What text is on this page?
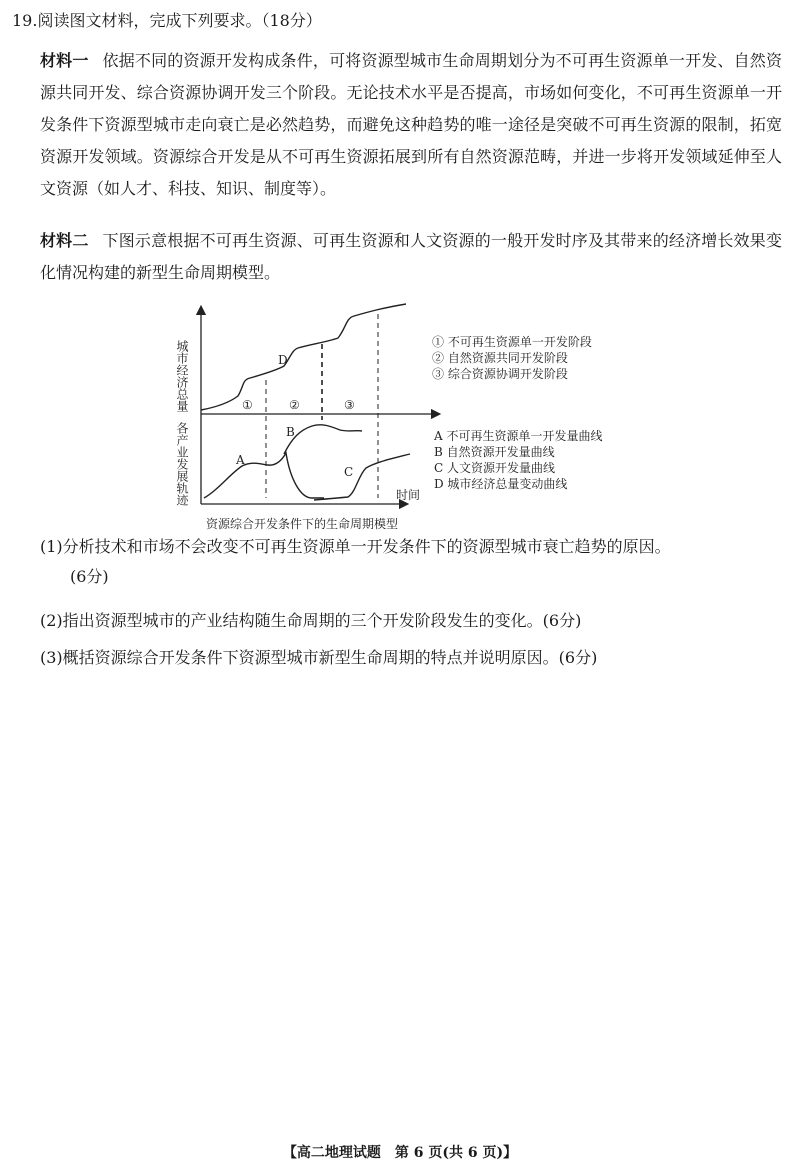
19.阅读图文材料，完成下列要求。（18分）
材料一 依据不同的资源开发构成条件，可将资源型城市生命周期划分为不可再生资源单一开发、自然资源共同开发、综合资源协调开发三个阶段。无论技术水平是否提高，市场如何变化，不可再生资源单一开发条件下资源型城市走向衰亡是必然趋势，而避免这种趋势的唯一途径是突破不可再生资源的限制，拓宽资源开发领域。资源综合开发是从不可再生资源拓展到所有自然资源范畴，并进一步将开发领域延伸至人文资源（如人才、科技、知识、制度等）。
材料二 下图示意根据不可再生资源、可再生资源和人文资源的一般开发时序及其带来的经济增长效果变化情况构建的新型生命周期模型。
城市经济总量
各产业发展轨迹	时间
①	②	③
D
A
B
C
① 不可再生资源单一开发阶段
② 自然资源共同开发阶段
③ 综合资源协调开发阶段
A 不可再生资源单一开发量曲线
B 自然资源开发量曲线
C 人文资源开发量曲线
D 城市经济总量变动曲线
资源综合开发条件下的生命周期模型
(1)分析技术和市场不会改变不可再生资源单一开发条件下的资源型城市衰亡趋势的原因。
(6分)
(2)指出资源型城市的产业结构随生命周期的三个开发阶段发生的变化。(6分)
(3)概括资源综合开发条件下资源型城市新型生命周期的特点并说明原因。(6分)
【高二地理试题　第 6 页(共 6 页)】
